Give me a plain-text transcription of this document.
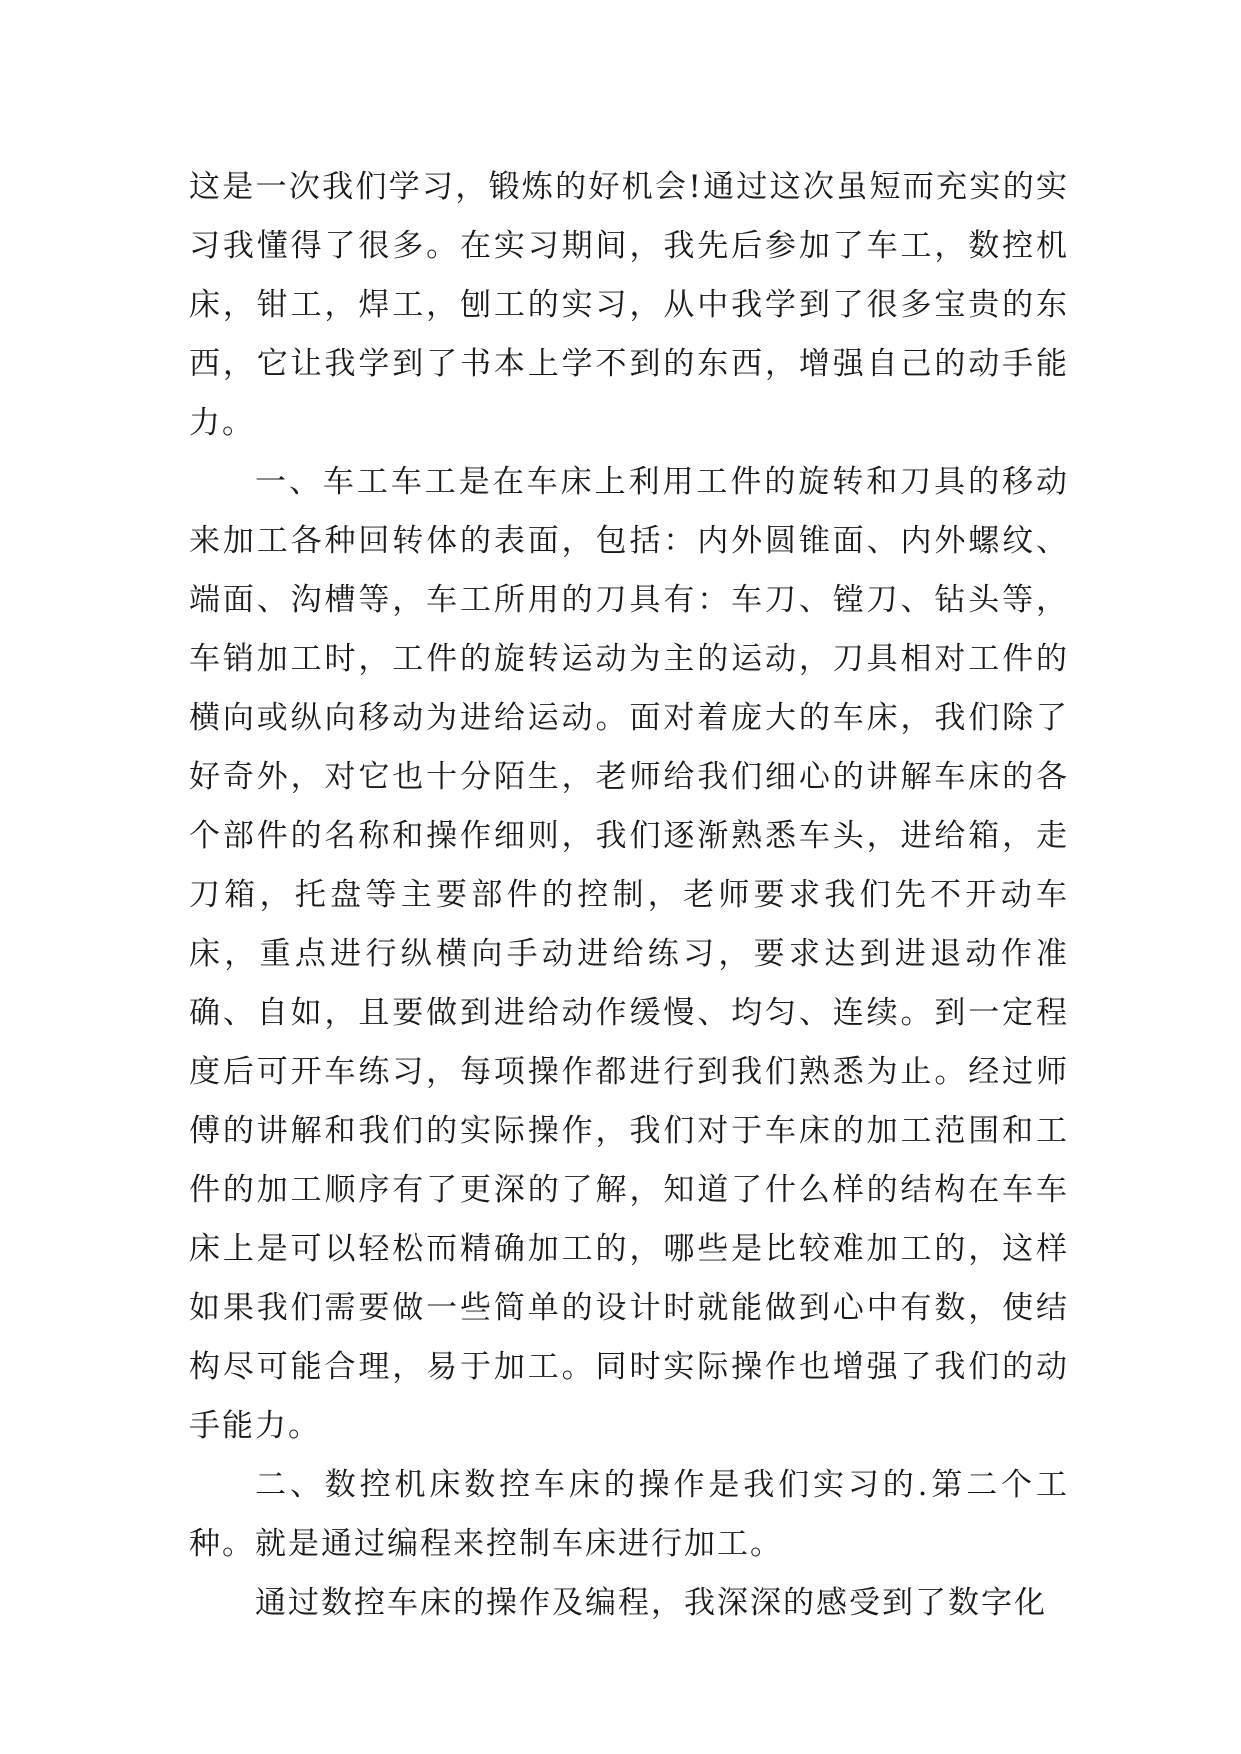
这是一次我们学习，锻炼的好机会!通过这次虽短而充实的实习我懂得了很多。在实习期间，我先后参加了车工，数控机床，钳工，焊工，刨工的实习，从中我学到了很多宝贵的东西，它让我学到了书本上学不到的东西，增强自己的动手能力。

一、车工车工是在车床上利用工件的旋转和刀具的移动来加工各种回转体的表面，包括：内外圆锥面、内外螺纹、端面、沟槽等，车工所用的刀具有：车刀、镗刀、钻头等，车销加工时，工件的旋转运动为主的运动，刀具相对工件的横向或纵向移动为进给运动。面对着庞大的车床，我们除了好奇外，对它也十分陌生，老师给我们细心的讲解车床的各个部件的名称和操作细则，我们逐渐熟悉车头，进给箱，走刀箱，托盘等主要部件的控制，老师要求我们先不开动车床，重点进行纵横向手动进给练习，要求达到进退动作准确、自如，且要做到进给动作缓慢、均匀、连续。到一定程度后可开车练习，每项操作都进行到我们熟悉为止。经过师傅的讲解和我们的实际操作，我们对于车床的加工范围和工件的加工顺序有了更深的了解，知道了什么样的结构在车车床上是可以轻松而精确加工的，哪些是比较难加工的，这样如果我们需要做一些简单的设计时就能做到心中有数，使结构尽可能合理，易于加工。同时实际操作也增强了我们的动手能力。

二、数控机床数控车床的操作是我们实习的.第二个工种。就是通过编程来控制车床进行加工。

通过数控车床的操作及编程，我深深的感受到了数字化
